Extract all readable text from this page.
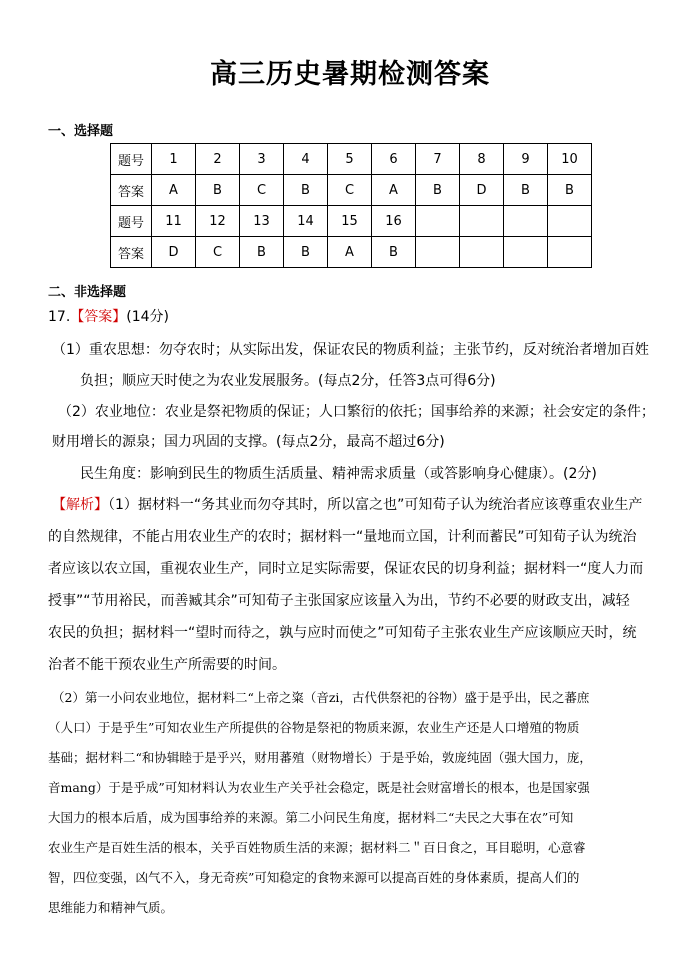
高三历史暑期检测答案
一、选择题
题号	1	2	3	4	5	6	7	8	9	10
答案	A	B	C	B	C	A	B	D	B	B
题号	11	12	13	14	15	16				
答案	D	C	B	B	A	B				
二、非选择题
17.【答案】(14分)
（1）重农思想：勿夺农时；从实际出发，保证农民的物质利益；主张节约，反对统治者增加百姓
负担；顺应天时使之为农业发展服务。(每点2分，任答3点可得6分)
（2）农业地位：农业是祭祀物质的保证；人口繁衍的依托；国事给养的来源；社会安定的条件；
财用增长的源泉；国力巩固的支撑。(每点2分，最高不超过6分)
民生角度：影响到民生的物质生活质量、精神需求质量（或答影响身心健康）。(2分)
【解析】（1）据材料一“务其业而勿夺其时，所以富之也”可知荀子认为统治者应该尊重农业生产
的自然规律，不能占用农业生产的农时；据材料一“量地而立国，计利而蓄民”可知荀子认为统治
者应该以农立国，重视农业生产，同时立足实际需要，保证农民的切身利益；据材料一“度人力而
授事”“节用裕民，而善臧其余”可知荀子主张国家应该量入为出，节约不必要的财政支出，减轻
农民的负担；据材料一“望时而待之，孰与应时而使之”可知荀子主张农业生产应该顺应天时，统
治者不能干预农业生产所需要的时间。
（2）第一小问农业地位，据材料二“上帝之粢（音zi，古代供祭祀的谷物）盛于是乎出，民之蕃庶
（人口）于是乎生”可知农业生产所提供的谷物是祭祀的物质来源，农业生产还是人口增殖的物质
基础；据材料二“和协辑睦于是乎兴，财用蕃殖（财物增长）于是乎始，敦庞纯固（强大国力，庞，
音mang）于是乎成”可知材料认为农业生产关乎社会稳定，既是社会财富增长的根本，也是国家强
大国力的根本后盾，成为国事给养的来源。第二小问民生角度，据材料二“夫民之大事在农”可知
农业生产是百姓生活的根本，关乎百姓物质生活的来源；据材料二＂百日食之，耳目聪明，心意睿
智，四位变强，凶气不入，身无奇疾”可知稳定的食物来源可以提高百姓的身体素质，提高人们的
思维能力和精神气质。
